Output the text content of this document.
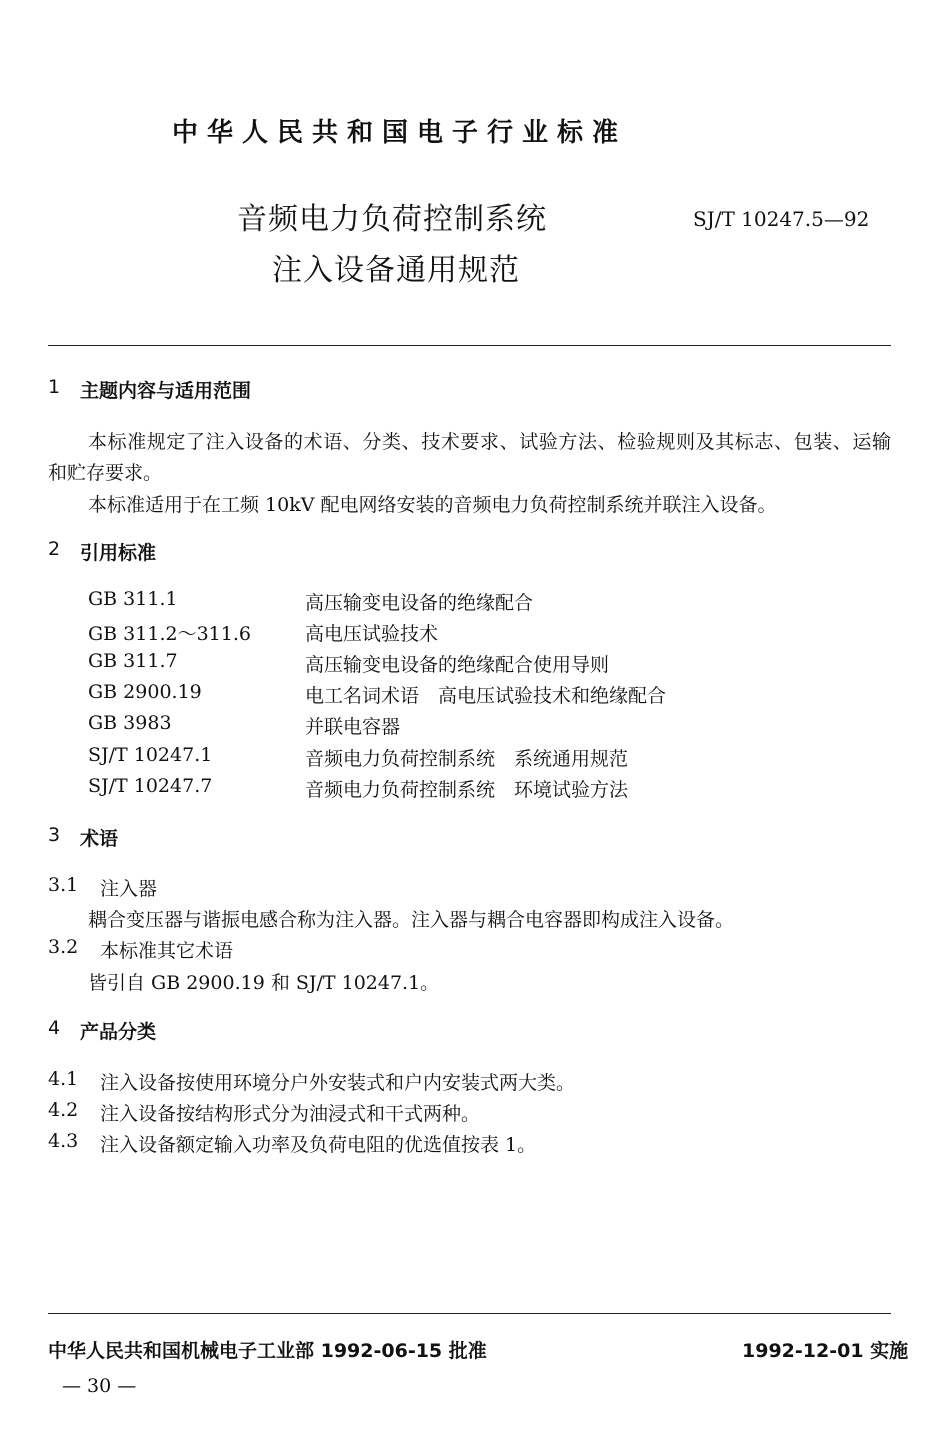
中华人民共和国电子行业标准
音频电力负荷控制系统
注入设备通用规范
SJ/T 10247.5—92
1 主题内容与适用范围
本标准规定了注入设备的术语、分类、技术要求、试验方法、检验规则及其标志、包装、运输
和贮存要求。
本标准适用于在工频 10kV 配电网络安装的音频电力负荷控制系统并联注入设备。
2 引用标准
GB 311.1	高压输变电设备的绝缘配合
GB 311.2～311.6	高电压试验技术
GB 311.7	高压输变电设备的绝缘配合使用导则
GB 2900.19	电工名词术语　高电压试验技术和绝缘配合
GB 3983	并联电容器
SJ/T 10247.1	音频电力负荷控制系统　系统通用规范
SJ/T 10247.7	音频电力负荷控制系统　环境试验方法
3 术语
3.1 注入器
耦合变压器与谐振电感合称为注入器。注入器与耦合电容器即构成注入设备。
3.2 本标准其它术语
皆引自 GB 2900.19 和 SJ/T 10247.1。
4 产品分类
4.1 注入设备按使用环境分户外安装式和户内安装式两大类。
4.2 注入设备按结构形式分为油浸式和干式两种。
4.3 注入设备额定输入功率及负荷电阻的优选值按表 1。
中华人民共和国机械电子工业部 1992-06-15 批准	1992-12-01 实施
— 30 —
